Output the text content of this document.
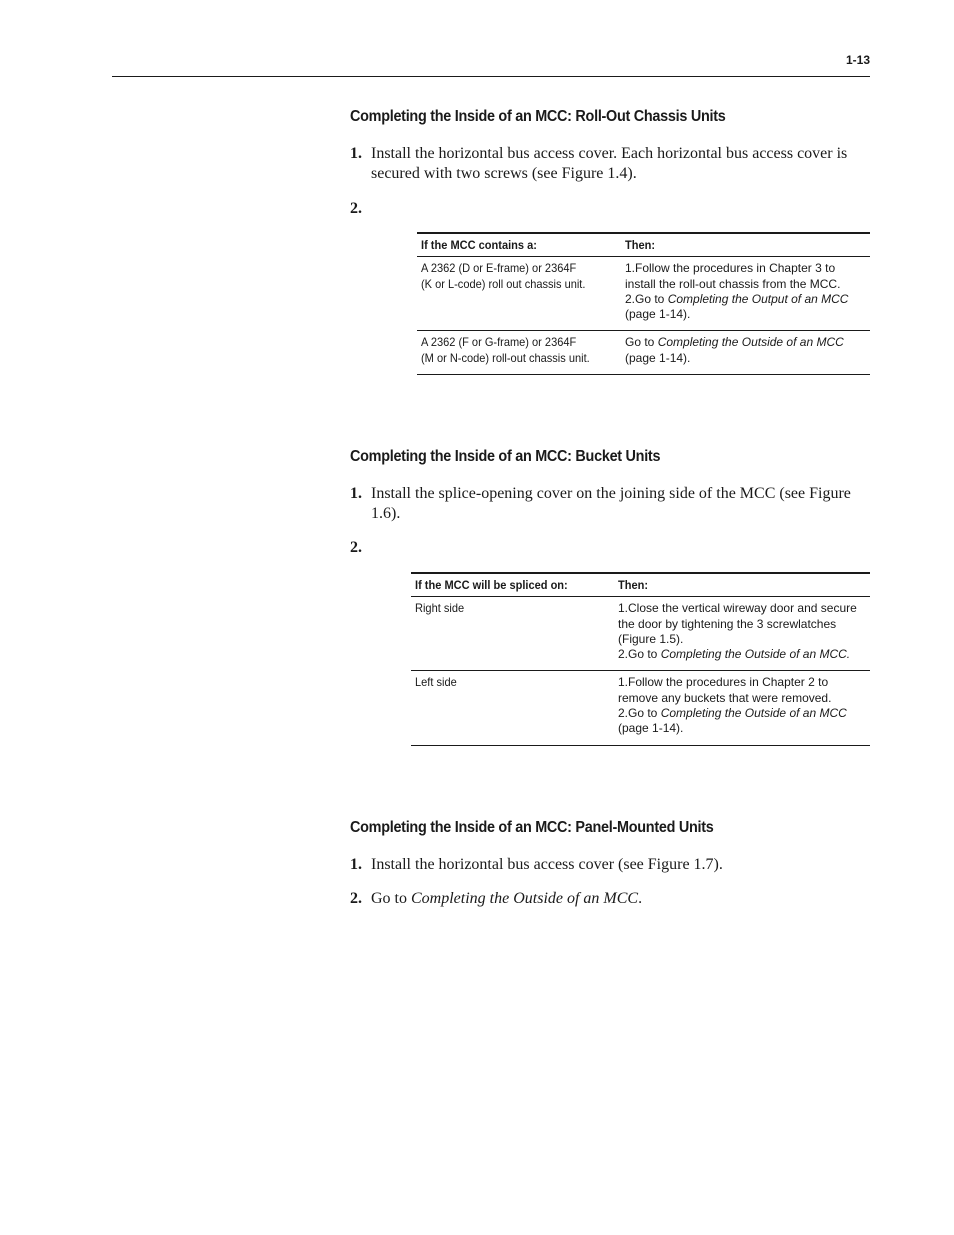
1-13
Completing the Inside of an MCC: Roll-Out Chassis Units
1. Install the horizontal bus access cover. Each horizontal bus access cover is secured with two screws (see Figure 1.4).
2.
If the MCC contains a:	Then:
A 2362 (D or E-frame) or 2364F
(K or L-code) roll out chassis unit.	1.Follow the procedures in Chapter 3 to install the roll-out chassis from the MCC.
2.Go to Completing the Output of an MCC
(page 1-14).
A 2362 (F or G-frame) or 2364F
(M or N-code) roll-out chassis unit.	Go to Completing the Outside of an MCC
(page 1-14).
Completing the Inside of an MCC: Bucket Units
1. Install the splice-opening cover on the joining side of the MCC (see Figure 1.6).
2.
If the MCC will be spliced on:	Then:
Right side	1.Close the vertical wireway door and secure the door by tightening the 3 screwlatches (Figure 1.5).
2.Go to Completing the Outside of an MCC.
Left side	1.Follow the procedures in Chapter 2 to remove any buckets that were removed.
2.Go to Completing the Outside of an MCC
(page 1-14).
Completing the Inside of an MCC: Panel-Mounted Units
1. Install the horizontal bus access cover (see Figure 1.7).
2. Go to Completing the Outside of an MCC.
